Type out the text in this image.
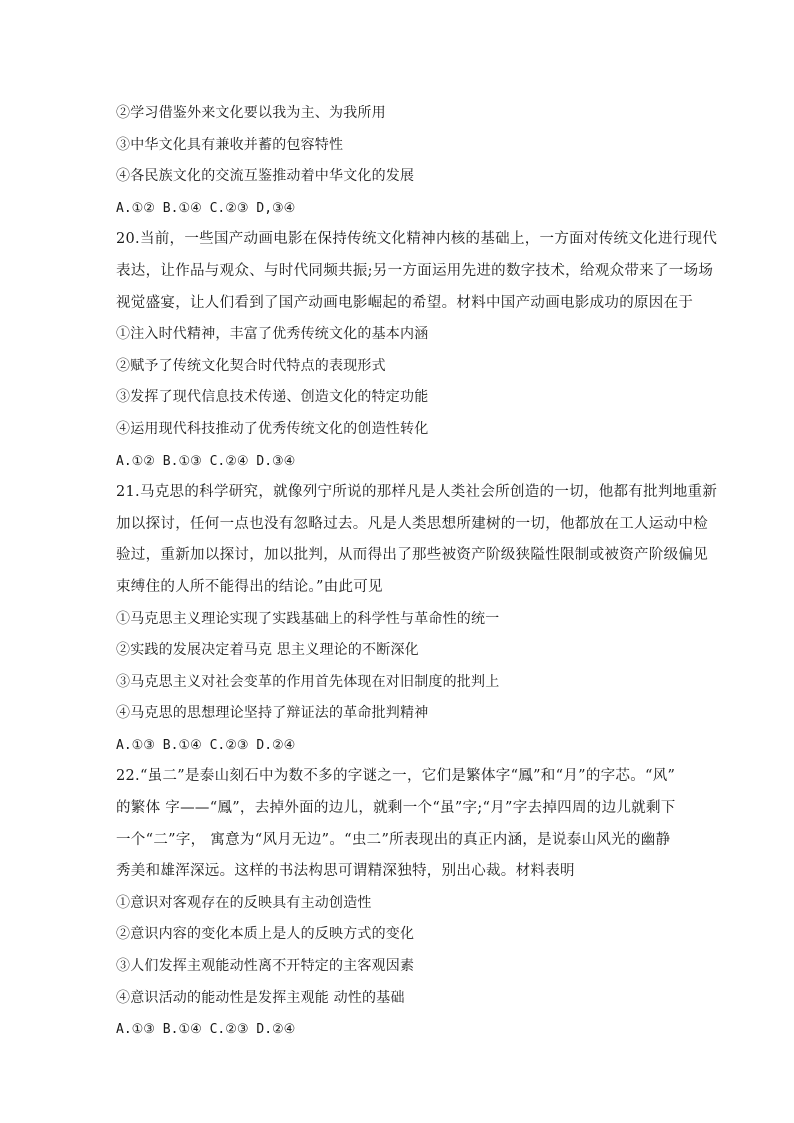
②学习借鉴外来文化要以我为主、为我所用
③中华文化具有兼收并蓄的包容特性
④各民族文化的交流互鉴推动着中华文化的发展
A.①② B.①④ C.②③ D,③④
20.当前，一些国产动画电影在保持传统文化精神内核的基础上，一方面对传统文化进行现代
表达，让作品与观众、与时代同频共振;另一方面运用先进的数字技术，给观众带来了一场场
视觉盛宴，让人们看到了国产动画电影崛起的希望。材料中国产动画电影成功的原因在于
①注入时代精神，丰富了优秀传统文化的基本内涵
②赋予了传统文化契合时代特点的表现形式
③发挥了现代信息技术传递、创造文化的特定功能
④运用现代科技推动了优秀传统文化的创造性转化
A.①② B.①③ C.②④ D.③④
21.马克思的科学研究，就像列宁所说的那样凡是人类社会所创造的一切，他都有批判地重新
加以探讨，任何一点也没有忽略过去。凡是人类思想所建树的一切，他都放在工人运动中检
验过，重新加以探讨，加以批判，从而得出了那些被资产阶级狭隘性限制或被资产阶级偏见
束缚住的人所不能得出的结论。”由此可见
①马克思主义理论实现了实践基础上的科学性与革命性的统一
②实践的发展决定着马克 思主义理论的不断深化
③马克思主义对社会变革的作用首先体现在对旧制度的批判上
④马克思的思想理论坚持了辩证法的革命批判精神
A.①③ B.①④ C.②③ D.②④
22.“虽二”是泰山刻石中为数不多的字谜之一，它们是繁体字“鳳”和“月”的字芯。“风”
的繁体 字——“鳳”，去掉外面的边儿，就剩一个“虽”字;“月”字去掉四周的边儿就剩下
一个“二”字， 寓意为“风月无边”。“虫二”所表现出的真正内涵，是说泰山风光的幽静
秀美和雄浑深远。这样的书法构思可谓精深独特，别出心裁。材料表明
①意识对客观存在的反映具有主动创造性
②意识内容的变化本质上是人的反映方式的变化
③人们发挥主观能动性离不开特定的主客观因素
④意识活动的能动性是发挥主观能 动性的基础
A.①③ B.①④ C.②③ D.②④
